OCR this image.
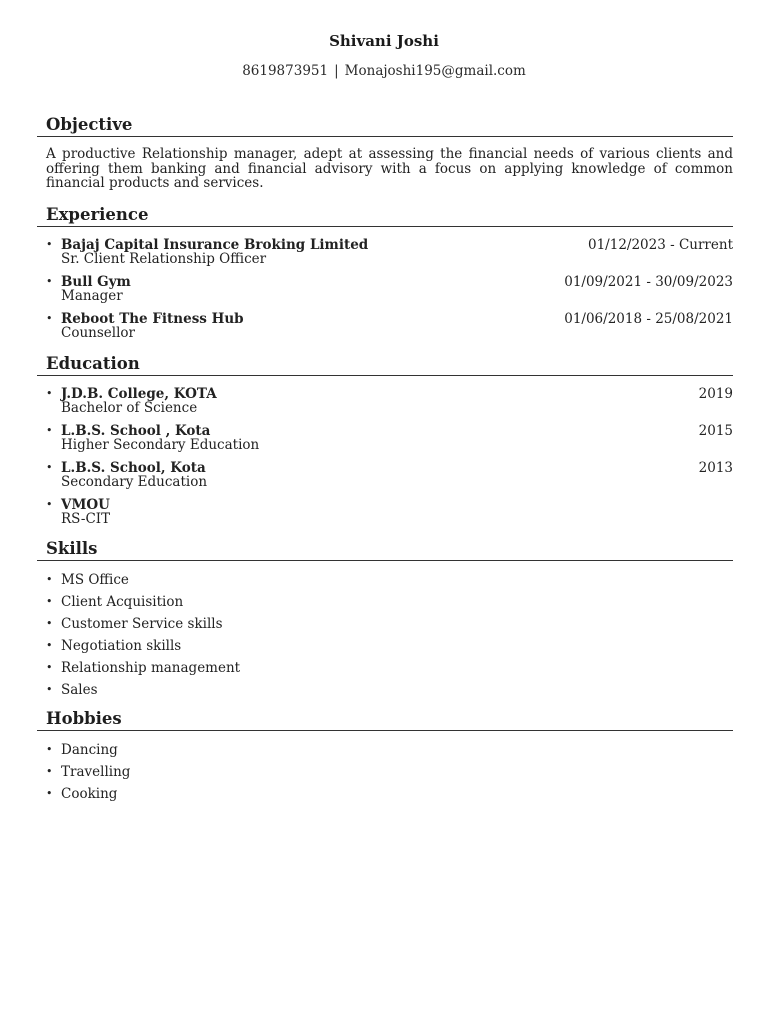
Shivani Joshi
8619873951 | Monajoshi195@gmail.com
Objective
A productive Relationship manager, adept at assessing the financial needs of various clients and offering them banking and financial advisory with a focus on applying knowledge of common financial products and services.
Experience
• Bajaj Capital Insurance Broking Limited	01/12/2023 - Current
Sr. Client Relationship Officer
• Bull Gym	01/09/2021 - 30/09/2023
Manager
• Reboot The Fitness Hub	01/06/2018 - 25/08/2021
Counsellor
Education
• J.D.B. College, KOTA	2019
Bachelor of Science
• L.B.S. School , Kota	2015
Higher Secondary Education
• L.B.S. School, Kota	2013
Secondary Education
• VMOU
RS-CIT
Skills
• MS Office
• Client Acquisition
• Customer Service skills
• Negotiation skills
• Relationship management
• Sales
Hobbies
• Dancing
• Travelling
• Cooking
